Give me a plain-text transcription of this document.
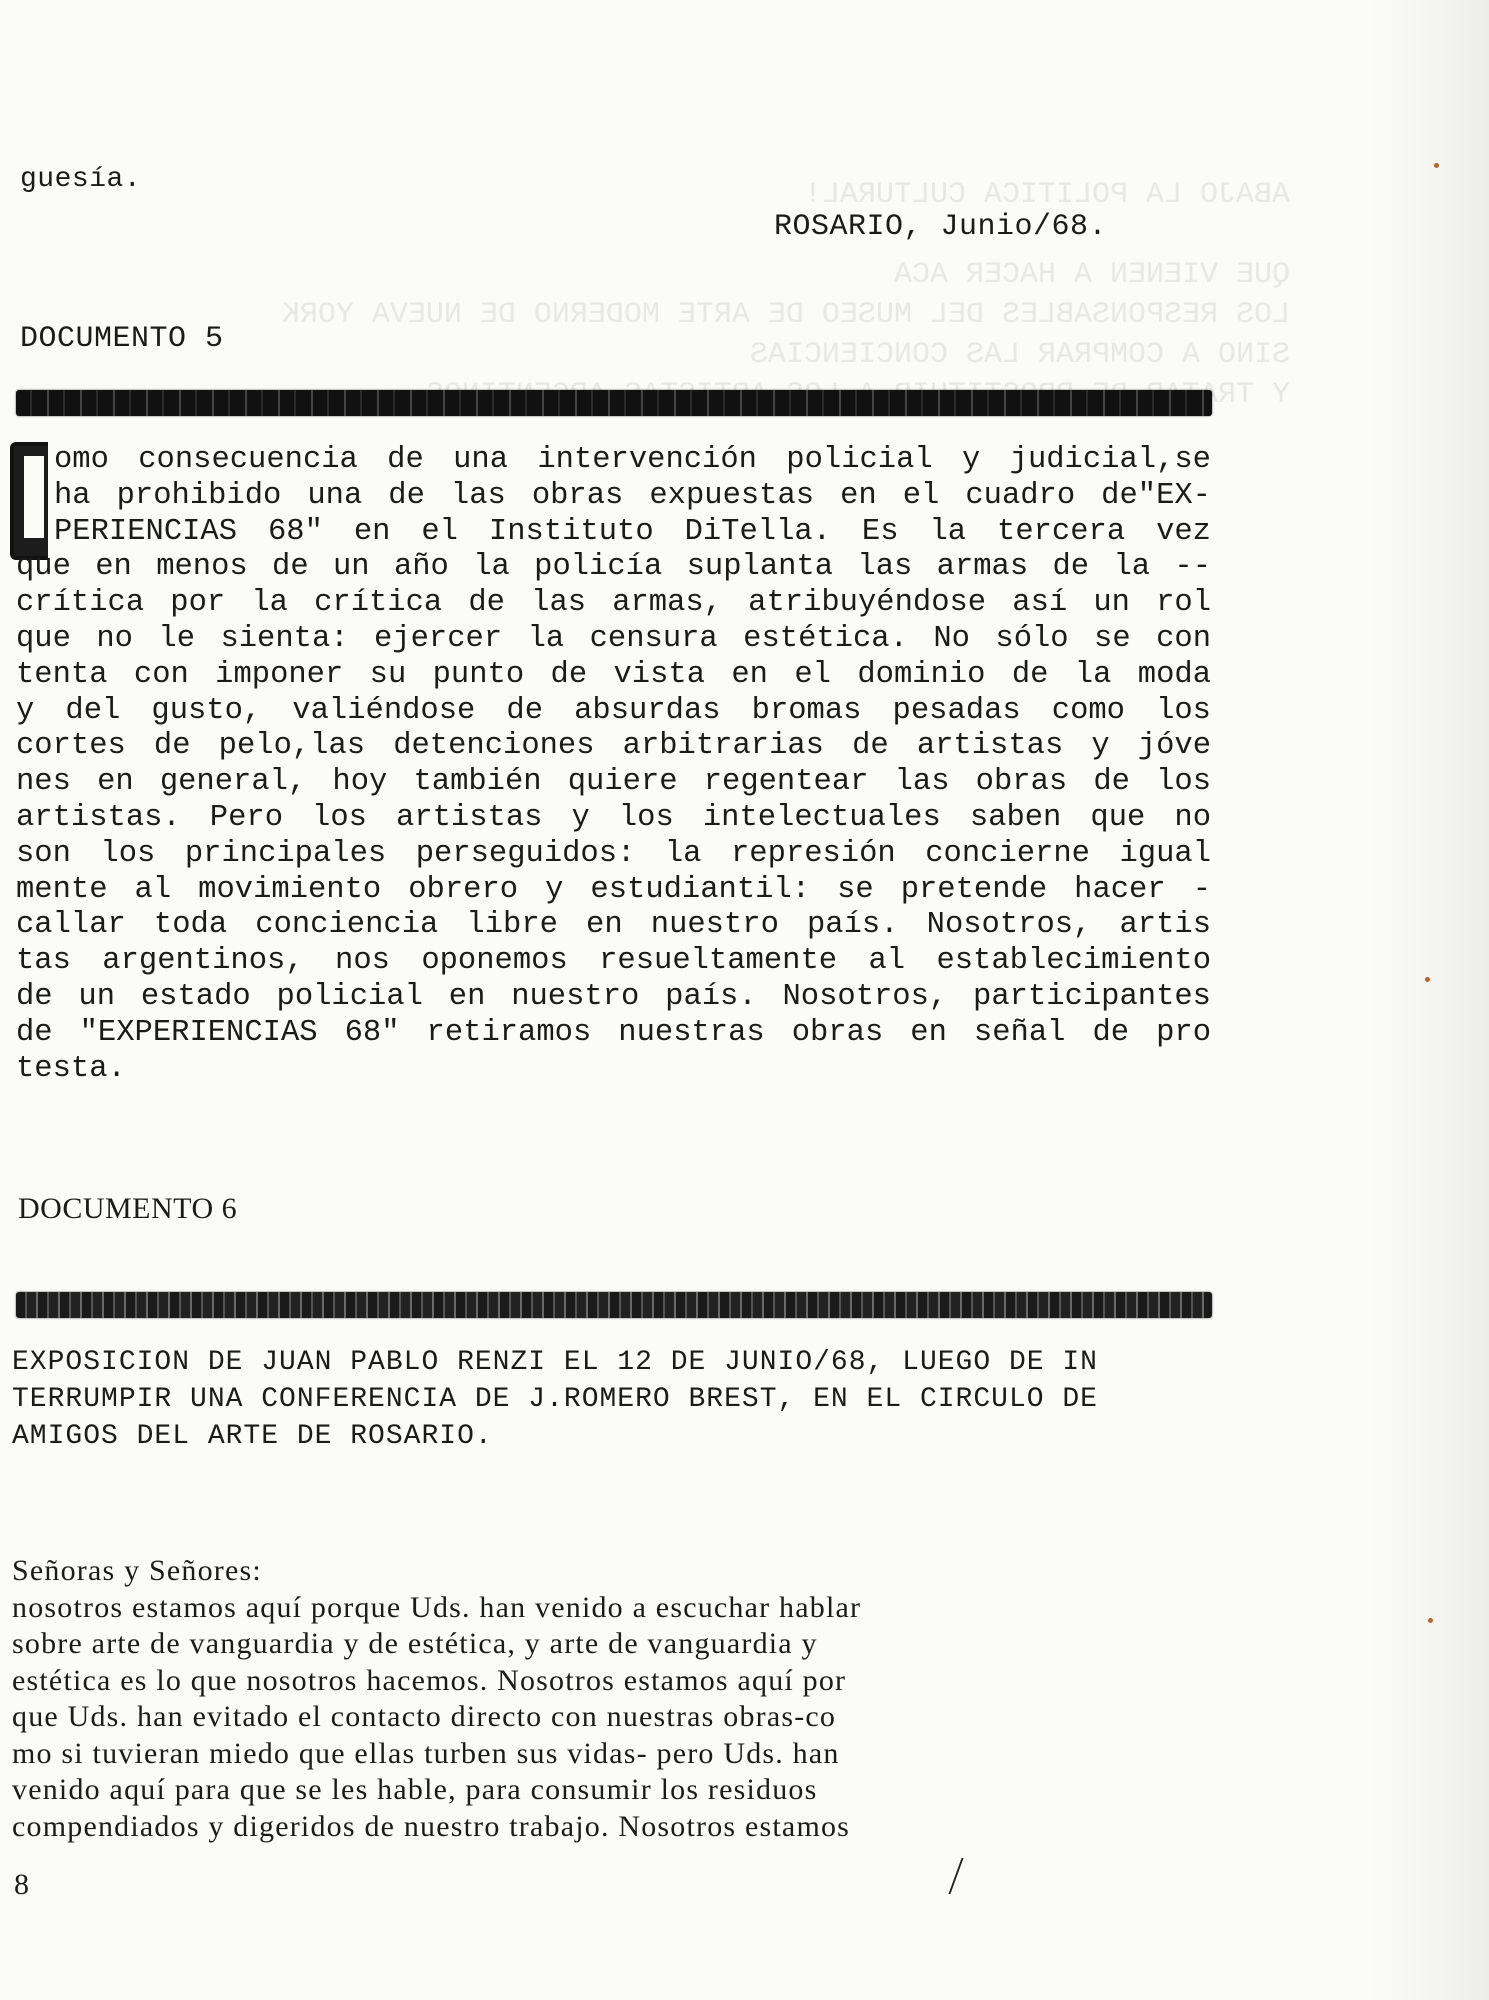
ABAJO LA POLITICA CULTURAL!

QUE VIENEN A HACER ACA
LOS RESPONSABLES DEL MUSEO DE ARTE MODERNO DE NUEVA YORK
SINO A COMPRAR LAS CONCIENCIAS
Y
guesía.
ROSARIO, Junio/68.
DOCUMENTO 5
omo consecuencia de una intervención policial y judicial,se
ha prohibido una de las obras expuestas en el cuadro de"EX-
PERIENCIAS 68" en el Instituto DiTella. Es la tercera vez
que en menos de un año la policía suplanta las armas de la --
crítica por la crítica de las armas, atribuyéndose así un rol
que no le sienta: ejercer la censura estética. No sólo se con
tenta con imponer su punto de vista en el dominio de la moda
y del gusto, valiéndose de absurdas bromas pesadas como los
cortes de pelo,las detenciones arbitrarias de artistas y jóve
nes en general, hoy también quiere regentear las obras de los
artistas. Pero los artistas y los intelectuales saben que no
son los principales perseguidos: la represión concierne igual
mente al movimiento obrero y estudiantil: se pretende hacer -
callar toda conciencia libre en nuestro país. Nosotros, artis
tas argentinos, nos oponemos resueltamente al establecimiento
de un estado policial en nuestro país. Nosotros, participantes
de "EXPERIENCIAS 68" retiramos nuestras obras en señal de pro
testa.
DOCUMENTO 6
EXPOSICION DE JUAN PABLO RENZI EL 12 DE JUNIO/68, LUEGO DE IN
TERRUMPIR UNA CONFERENCIA DE J.ROMERO BREST, EN EL CIRCULO DE
AMIGOS DEL ARTE DE ROSARIO.
Señoras y Señores:
nosotros estamos aquí porque Uds. han venido a escuchar hablar
sobre arte de vanguardia y de estética, y arte de vanguardia y
estética es lo que nosotros hacemos. Nosotros estamos aquí por
que Uds. han evitado el contacto directo con nuestras obras-co
mo si tuvieran miedo que ellas turben sus vidas- pero Uds. han
venido aquí para que se les hable, para consumir los residuos
compendiados y digeridos de nuestro trabajo. Nosotros estamos
8
